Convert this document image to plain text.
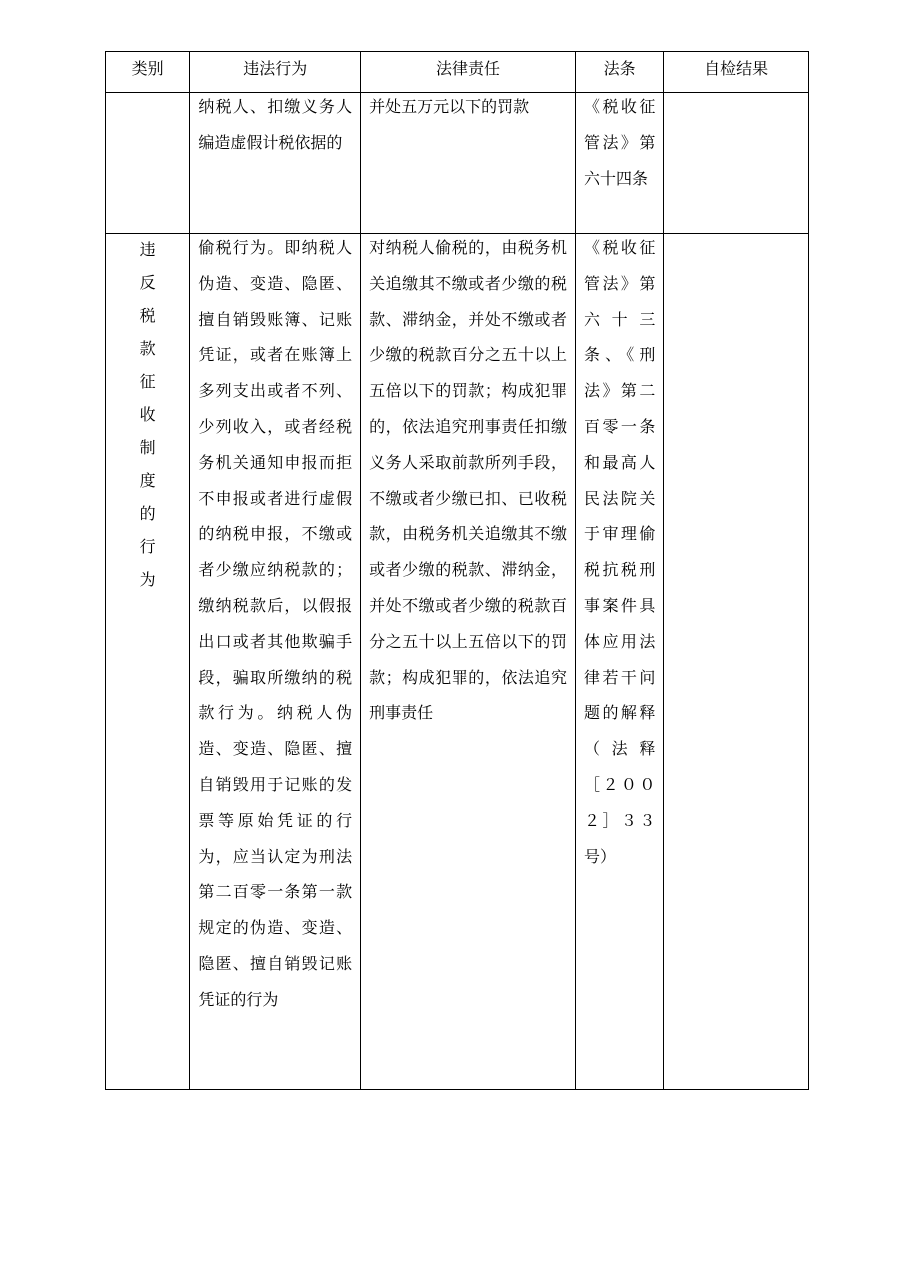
类别	违法行为	法律责任	法条	自检结果

	纳税人、扣缴义务人编造虚假计税依据的	并处五万元以下的罚款	《税收征管法》第六十四条	

违反税款征收制度的行为	偷税行为。即纳税人伪造、变造、隐匿、擅自销毁账簿、记账凭证，或者在账簿上多列支出或者不列、少列收入，或者经税务机关通知申报而拒不申报或者进行虚假的纳税申报，不缴或者少缴应纳税款的；缴纳税款后，以假报出口或者其他欺骗手段，骗取所缴纳的税款行为。纳税人伪造、变造、隐匿、擅自销毁用于记账的发票等原始凭证的行为，应当认定为刑法第二百零一条第一款规定的伪造、变造、隐匿、擅自销毁记账凭证的行为	对纳税人偷税的，由税务机关追缴其不缴或者少缴的税款、滞纳金，并处不缴或者少缴的税款百分之五十以上五倍以下的罚款；构成犯罪的，依法追究刑事责任扣缴义务人采取前款所列手段，不缴或者少缴已扣、已收税款，由税务机关追缴其不缴或者少缴的税款、滞纳金，并处不缴或者少缴的税款百分之五十以上五倍以下的罚款；构成犯罪的，依法追究刑事责任	《税收征管法》第六十三条、《刑法》第二百零一条和最高人民法院关于审理偷税抗税刑事案件具体应用法律若干问题的解释（法释［２００２］３３号）	
